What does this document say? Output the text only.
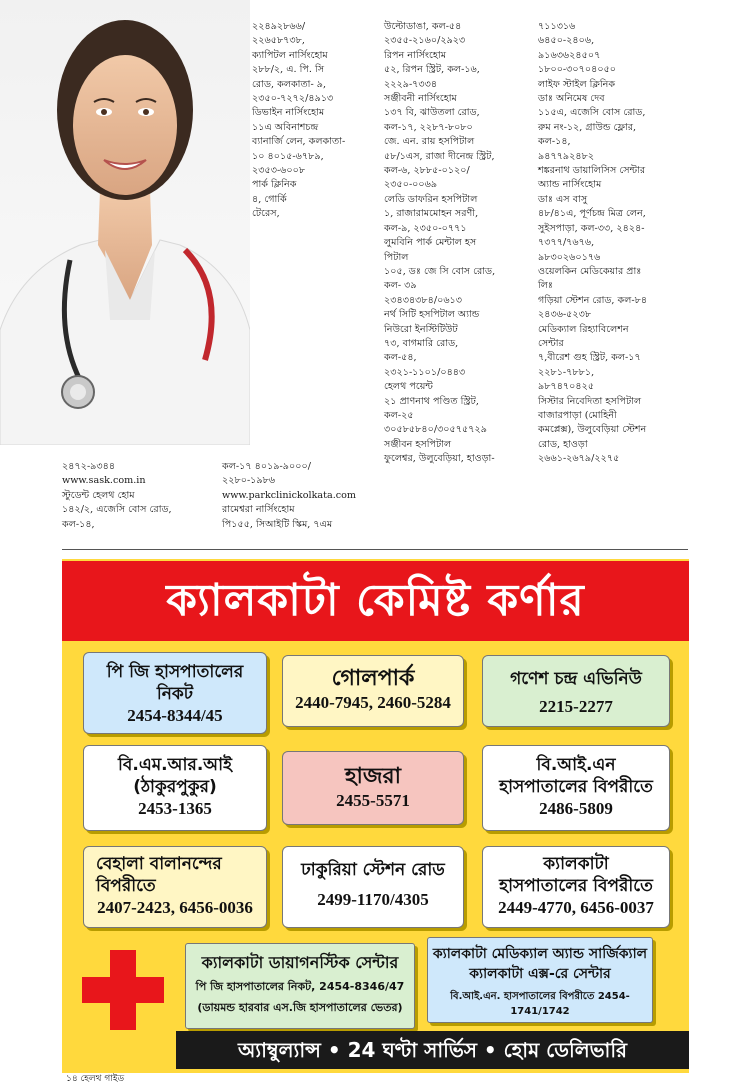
২২৪৯২৮৬৬/
২২৬৫৮৭৩৮,
ক্যাপিটল নার্সিংহোম
২৮৮/২, এ. পি. সি
রোড, কলকাতা- ৯,
২৩৫০-৭২৭২/৪৯১৩
ডিভাইন নার্সিংহোম
১১এ অবিনাশচন্দ্র
ব্যানার্জি লেন, কলকাতা-
১০ ৪০১৫-৬৭৮৯,
২৩৫৩-৬০০৮
পার্ক ক্লিনিক
৪, গোর্কি
টেরেস,
উল্টোডাঙা, কল-৫৪
২৩৫৫-২১৬০/২৯২৩
রিপন নার্সিংহোম
৫২, রিপন স্ট্রিট, কল-১৬,
২২২৯-৭৩৩৪
সঞ্জীবনী নার্সিংহোম
১৩৭ বি, ঝাউতলা রোড,
কল-১৭, ২২৮৭-৮০৮০
জে. এন. রায় হসপিটাল
৫৮/১এস, রাজা দীনেন্দ্র স্ট্রিট,
কল-৬, ২৮৮৫-০১২০/
২৩৫০-০০৬৯
লেডি ডাফরিন হসপিটাল
১, রাজারামমোহন সরণী,
কল-৯, ২৩৫০-০৭৭১
লুমবিনি পার্ক মেন্টাল হস
পিটাল
১০৫, ডঃ জে সি বোস রোড,
কল- ৩৯
২৩৪৩৪৩৮৪/০৬১৩
নর্থ সিটি হসপিটাল অ্যান্ড
নিউরো ইনস্টিটিউট
৭৩, বাগমারি রোড,
কল-৫৪,
২৩২১-১১০১/০৪৪৩
হেলথ পয়েন্ট
২১ প্রাণনাথ পণ্ডিত স্ট্রিট,
কল-২৫
৩০৫৮৫৮৪০/৩০৫৭৫৭২৯
সঞ্জীবন হসপিটাল
ফুলেশ্বর, উলুবেড়িয়া, হাওড়া-
৭১১৩১৬
৬৪৫০-২৪০৬,
৯১৬৩৬২৪৫০৭
১৮০০-৩০৭০৪০৫০
লাইফ স্টাইল ক্লিনিক
ডাঃ অনিমেষ দেব
১১৫এ, এজেসি বোস রোড,
রুম নং-১২, গ্রাউন্ড ফ্লোর,
কল-১৪,
৯৪৭৭৯২৪৮২
শঙ্করনাথ ডায়ালিসিস সেন্টার
অ্যান্ড নার্সিংহোম
ডাঃ এস বাসু
৪৮/৪১এ, পূর্ণচন্দ্র মিত্র লেন,
সুইসপাড়া, কল-৩৩, ২৪২৪-
৭৩৭৭/৭৬৭৬,
৯৮৩০২৬০১৭৬
ওয়েলকিন মেডিকেয়ার প্রাঃ
লিঃ
গড়িয়া স্টেশন রোড, কল-৮৪
২৪৩৬-৫২৩৮
মেডিক্যাল রিহ্যাবিলেশন
সেন্টার
৭,বীরেশ গুহ স্ট্রিট, কল-১৭
২২৮১-৭৮৮১,
৯৮৭৪৭০৪২৫
সিস্টার নিবেদিতা হসপিটাল
বাজারপাড়া (মোহিনী
কমপ্লেক্স), উলুবেড়িয়া স্টেশন
রোড, হাওড়া
২৬৬১-২৬৭৯/২২৭৫
২৪৭২-৯৩৪৪
www.sask.com.in
স্টুডেন্ট হেলথ হোম
১৪২/২, এজেসি বোস রোড,
কল-১৪,
কল-১৭ ৪০১৯-৯০০০/
২২৮০-১৯৮৬
www.parkclinickolkata.com
রামেশ্বরা নার্সিংহোম
পি১৫৫, সিআইটি স্কিম, ৭এম
ক্যালকাটা কেমিষ্ট কর্ণার
পি জি হাসপাতালের
নিকট
2454-8344/45
গোলপার্ক
2440-7945, 2460-5284
গণেশ চন্দ্র এভিনিউ
2215-2277
বি.এম.আর.আই
(ঠাকুরপুকুর)
2453-1365
হাজরা
2455-5571
বি.আই.এন
হাসপাতালের বিপরীতে
2486-5809
বেহালা বালানন্দের
বিপরীতে
2407-2423, 6456-0036
ঢাকুরিয়া স্টেশন রোড
2499-1170/4305
ক্যালকাটা
হাসপাতালের বিপরীতে
2449-4770, 6456-0037
ক্যালকাটা ডায়াগনস্টিক সেন্টার
পি জি হাসপাতালের নিকট, 2454-8346/47
(ডায়মন্ড হারবার এস.জি হাসপাতালের ভেতর)
ক্যালকাটা মেডিক্যাল অ্যান্ড সার্জিক্যাল
ক্যালকাটা এক্স-রে সেন্টার
বি.আই.এন. হাসপাতালের বিপরীতে 2454-1741/1742
অ্যাম্বুল্যান্স • 24 ঘণ্টা সার্ভিস • হোম ডেলিভারি
১৪ হেলথ গাইড
